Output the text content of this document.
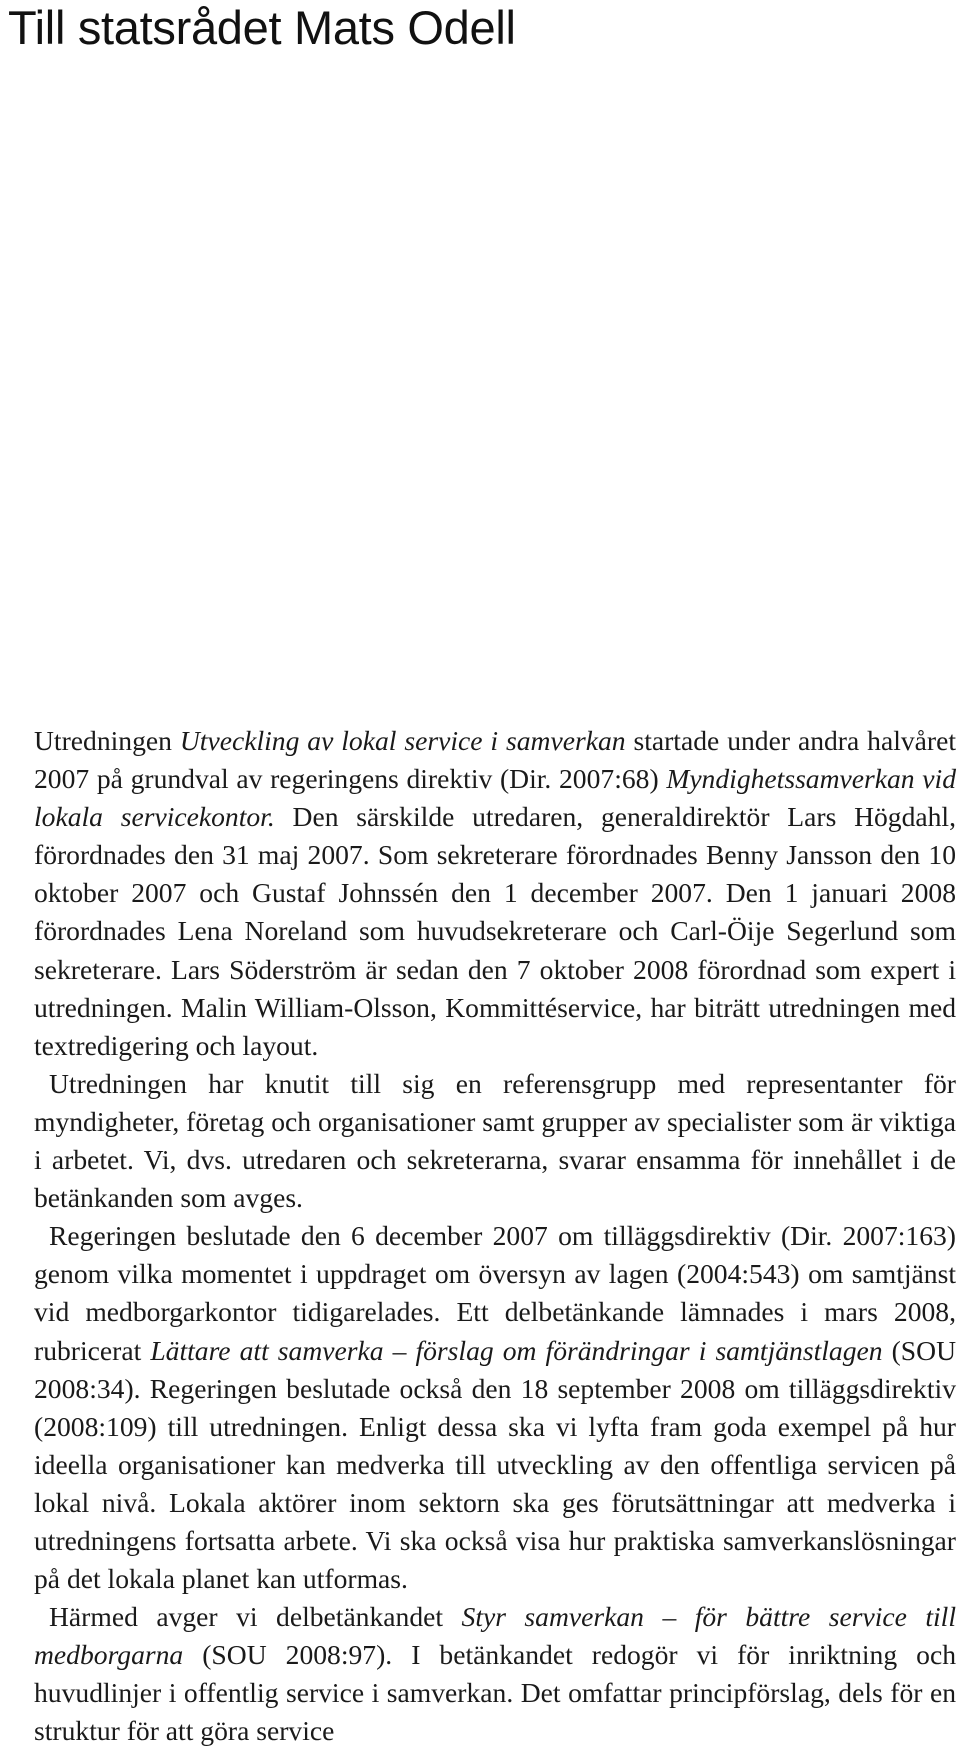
Till statsrådet Mats Odell

Utredningen Utveckling av lokal service i samverkan startade under andra halvåret 2007 på grundval av regeringens direktiv (Dir. 2007:68) Myndighetssamverkan vid lokala servicekontor. Den särskilde utredaren, generaldirektör Lars Högdahl, förordnades den 31 maj 2007. Som sekreterare förordnades Benny Jansson den 10 oktober 2007 och Gustaf Johnssén den 1 december 2007. Den 1 januari 2008 förordnades Lena Noreland som huvudsekreterare och Carl-Öije Segerlund som sekreterare. Lars Söderström är sedan den 7 oktober 2008 förordnad som expert i utredningen. Malin William-Olsson, Kommittéservice, har biträtt utredningen med textredigering och layout.

Utredningen har knutit till sig en referensgrupp med representanter för myndigheter, företag och organisationer samt grupper av specialister som är viktiga i arbetet. Vi, dvs. utredaren och sekreterarna, svarar ensamma för innehållet i de betänkanden som avges.

Regeringen beslutade den 6 december 2007 om tilläggsdirektiv (Dir. 2007:163) genom vilka momentet i uppdraget om översyn av lagen (2004:543) om samtjänst vid medborgarkontor tidigarelades. Ett delbetänkande lämnades i mars 2008, rubricerat Lättare att samverka – förslag om förändringar i samtjänstlagen (SOU 2008:34). Regeringen beslutade också den 18 september 2008 om tilläggsdirektiv (2008:109) till utredningen. Enligt dessa ska vi lyfta fram goda exempel på hur ideella organisationer kan medverka till utveckling av den offentliga servicen på lokal nivå. Lokala aktörer inom sektorn ska ges förutsättningar att medverka i utredningens fortsatta arbete. Vi ska också visa hur praktiska samverkanslösningar på det lokala planet kan utformas.

Härmed avger vi delbetänkandet Styr samverkan – för bättre service till medborgarna (SOU 2008:97). I betänkandet redogör vi för inriktning och huvudlinjer i offentlig service i samverkan. Det omfattar principförslag, dels för en struktur för att göra service
